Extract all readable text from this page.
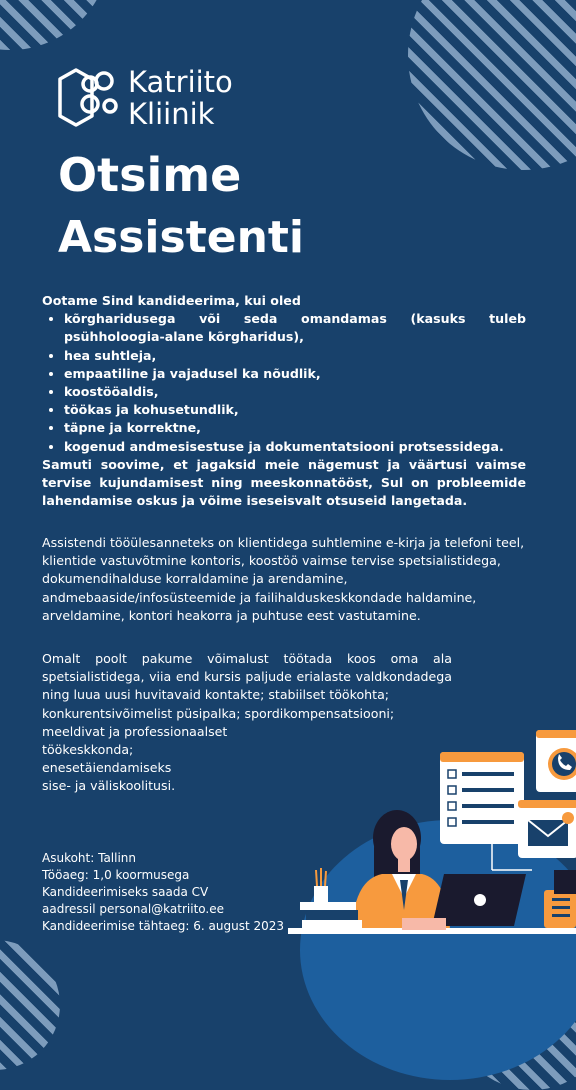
Katriito
Kliinik
Otsime
Assistenti
Ootame Sind kandideerima, kui oled
• kõrgharidusega või seda omandamas (kasuks tuleb psühholoogia-alane kõrgharidus),
• hea suhtleja,
• empaatiline ja vajadusel ka nõudlik,
• koostööaldis,
• töökas ja kohusetundlik,
• täpne ja korrektne,
• kogenud andmesisestuse ja dokumentatsiooni protsessidega.
Samuti soovime, et jagaksid meie nägemust ja väärtusi vaimse tervise kujundamisest ning meeskonnatööst, Sul on probleemide lahendamise oskus ja võime iseseisvalt otsuseid langetada.
Assistendi tööülesanneteks on klientidega suhtlemine e-kirja ja telefoni teel, klientide vastuvõtmine kontoris, koostöö vaimse tervise spetsialistidega, dokumendihalduse korraldamine ja arendamine, andmebaaside/infosüsteemide ja failihalduskeskkondade haldamine, arveldamine, kontori heakorra ja puhtuse eest vastutamine.
Omalt poolt pakume võimalust töötada koos oma ala spetsialistidega, viia end kursis paljude erialaste valdkondadega ning luua uusi huvitavaid kontakte; stabiilset töökohta;
konkurentsivõimelist püsipalka; spordikompensatsiooni;
meeldivat ja professionaalset
töökeskkonda;
enesetäiendamiseks
sise- ja väliskoolitusi.
Asukoht: Tallinn
Tööaeg: 1,0 koormusega
Kandideerimiseks saada CV
aadressil personal@katriito.ee
Kandideerimise tähtaeg: 6. august 2023
